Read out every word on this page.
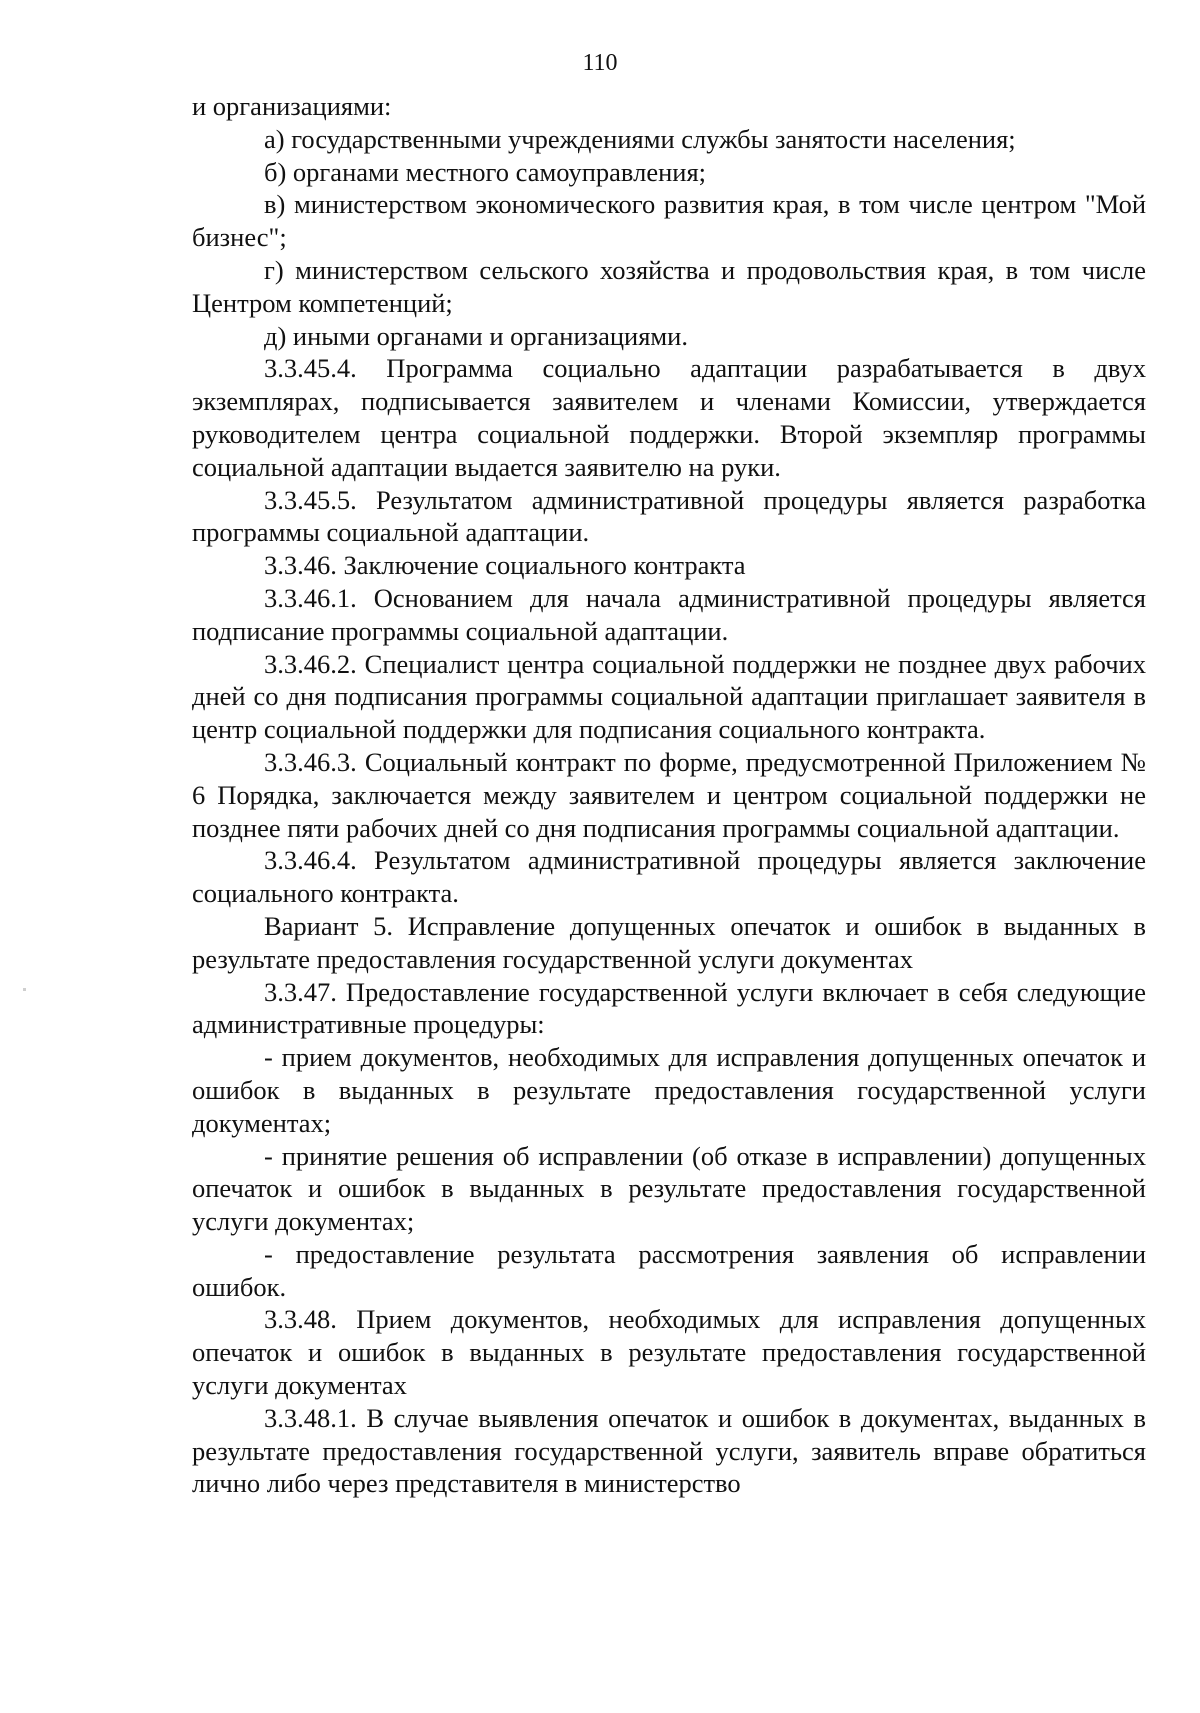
110

и организациями:

а) государственными учреждениями службы занятости населения;

б) органами местного самоуправления;

в) министерством экономического развития края, в том числе центром "Мой бизнес";

г) министерством сельского хозяйства и продовольствия края, в том числе Центром компетенций;

д) иными органами и организациями.

3.3.45.4. Программа социально адаптации разрабатывается в двух экземплярах, подписывается заявителем и членами Комиссии, утверждается руководителем центра социальной поддержки. Второй экземпляр программы социальной адаптации выдается заявителю на руки.

3.3.45.5. Результатом административной процедуры является разработка программы социальной адаптации.

3.3.46. Заключение социального контракта

3.3.46.1. Основанием для начала административной процедуры является подписание программы социальной адаптации.

3.3.46.2. Специалист центра социальной поддержки не позднее двух рабочих дней со дня подписания программы социальной адаптации приглашает заявителя в центр социальной поддержки для подписания социального контракта.

3.3.46.3. Социальный контракт по форме, предусмотренной Приложением № 6 Порядка, заключается между заявителем и центром социальной поддержки не позднее пяти рабочих дней со дня подписания программы социальной адаптации.

3.3.46.4. Результатом административной процедуры является заключение социального контракта.

Вариант 5. Исправление допущенных опечаток и ошибок в выданных в результате предоставления государственной услуги документах

3.3.47. Предоставление государственной услуги включает в себя следующие административные процедуры:

- прием документов, необходимых для исправления допущенных опечаток и ошибок в выданных в результате предоставления государственной услуги документах;

- принятие решения об исправлении (об отказе в исправлении) допущенных опечаток и ошибок в выданных в результате предоставления государственной услуги документах;

- предоставление результата рассмотрения заявления об исправлении ошибок.

3.3.48. Прием документов, необходимых для исправления допущенных опечаток и ошибок в выданных в результате предоставления государственной услуги документах

3.3.48.1. В случае выявления опечаток и ошибок в документах, выданных в результате предоставления государственной услуги, заявитель вправе обратиться лично либо через представителя в министерство
